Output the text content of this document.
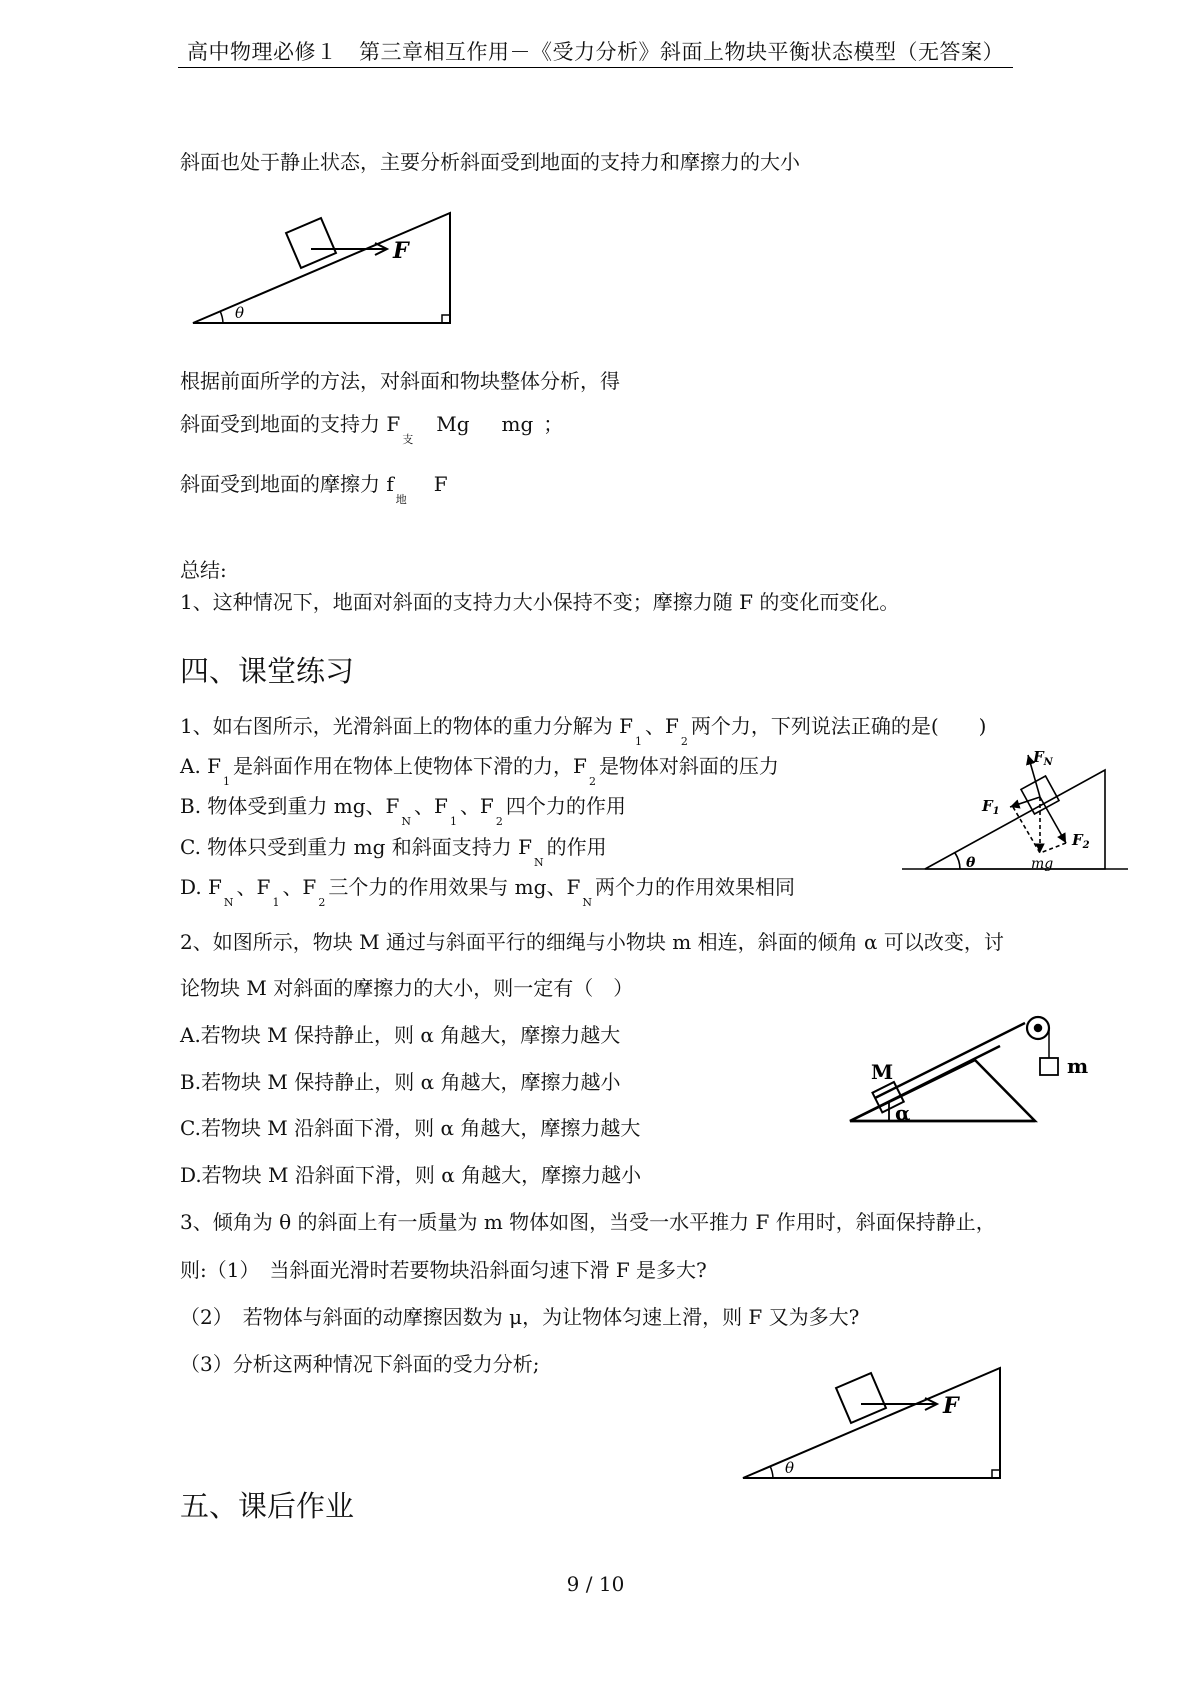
高中物理必修１　第三章相互作用－《受力分析》斜面上物块平衡状态模型（无答案）
斜面也处于静止状态，主要分析斜面受到地面的支持力和摩擦力的大小
F
θ
根据前面所学的方法，对斜面和物块整体分析，得
斜面受到地面的支持力 $F_支Mg$ mg ；
斜面受到地面的摩擦力 $f_地F$
总结:
1、这种情况下，地面对斜面的支持力大小保持不变；摩擦力随 F 的变化而变化。
四、课堂练习
1、如右图所示，光滑斜面上的物体的重力分解为 $F_1$、$F_2$两个力，下列说法正确的是(　　)
A. $F_1$是斜面作用在物体上使物体下滑的力，$F_2$是物体对斜面的压力
B. 物体受到重力 mg、$F_N$、$F_1$、$F_2$四个力的作用
C. 物体只受到重力 mg 和斜面支持力 $F_N$的作用
D. $F_N$、$F_1$、$F_2$三个力的作用效果与 mg、$F_N$两个力的作用效果相同
$F_N$
$F_1$
$F_2$
mg
θ
2、如图所示，物块 M 通过与斜面平行的细绳与小物块 m 相连，斜面的倾角 α 可以改变，讨
论物块 M 对斜面的摩擦力的大小，则一定有（　）
A.若物块 M 保持静止，则 α 角越大，摩擦力越大
B.若物块 M 保持静止，则 α 角越大，摩擦力越小
C.若物块 M 沿斜面下滑，则 α 角越大，摩擦力越大
D.若物块 M 沿斜面下滑，则 α 角越大，摩擦力越小
M	m
α
3、倾角为 θ 的斜面上有一质量为 m 物体如图，当受一水平推力 F 作用时，斜面保持静止，
则:（1）　当斜面光滑时若要物块沿斜面匀速下滑 F 是多大?
（2）　若物体与斜面的动摩擦因数为 μ，为让物体匀速上滑，则 F 又为多大?
（3）分析这两种情况下斜面的受力分析;
F
θ
五、课后作业
9 / 10
